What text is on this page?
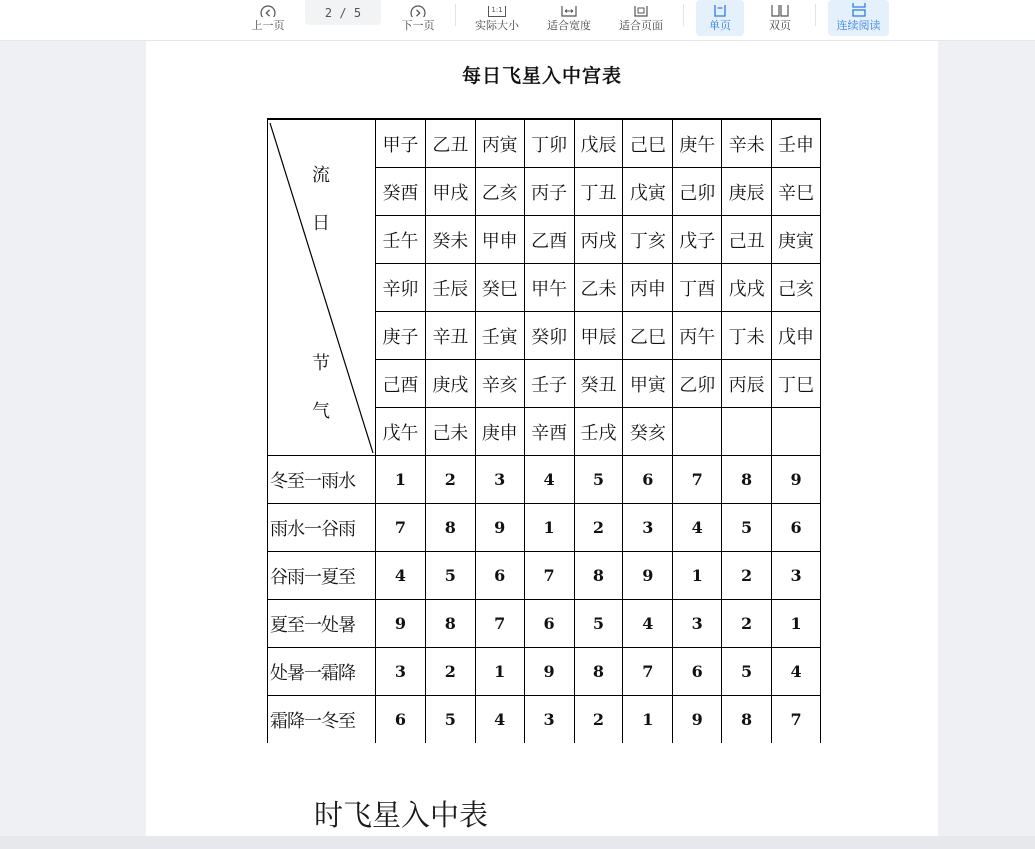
上一页
2
/ 5
下一页
1:1
实际大小	适合宽度	适合页面	单页	双页	连续阅读
每日飞星入中宫表
流
日
节
气	甲子	乙丑	丙寅	丁卯	戊辰	己巳	庚午	辛未	壬申
	癸酉	甲戌	乙亥	丙子	丁丑	戊寅	己卯	庚辰	辛巳
	壬午	癸未	甲申	乙酉	丙戌	丁亥	戊子	己丑	庚寅
	辛卯	壬辰	癸巳	甲午	乙未	丙申	丁酉	戊戌	己亥
	庚子	辛丑	壬寅	癸卯	甲辰	乙巳	丙午	丁未	戊申
	己酉	庚戌	辛亥	壬子	癸丑	甲寅	乙卯	丙辰	丁巳
	戊午	己未	庚申	辛酉	壬戌	癸亥			
冬至一雨水	1	2	3	4	5	6	7	8	9
雨水一谷雨	7	8	9	1	2	3	4	5	6
谷雨一夏至	4	5	6	7	8	9	1	2	3
夏至一处暑	9	8	7	6	5	4	3	2	1
处暑一霜降	3	2	1	9	8	7	6	5	4
霜降一冬至	6	5	4	3	2	1	9	8	7
时飞星入中表
